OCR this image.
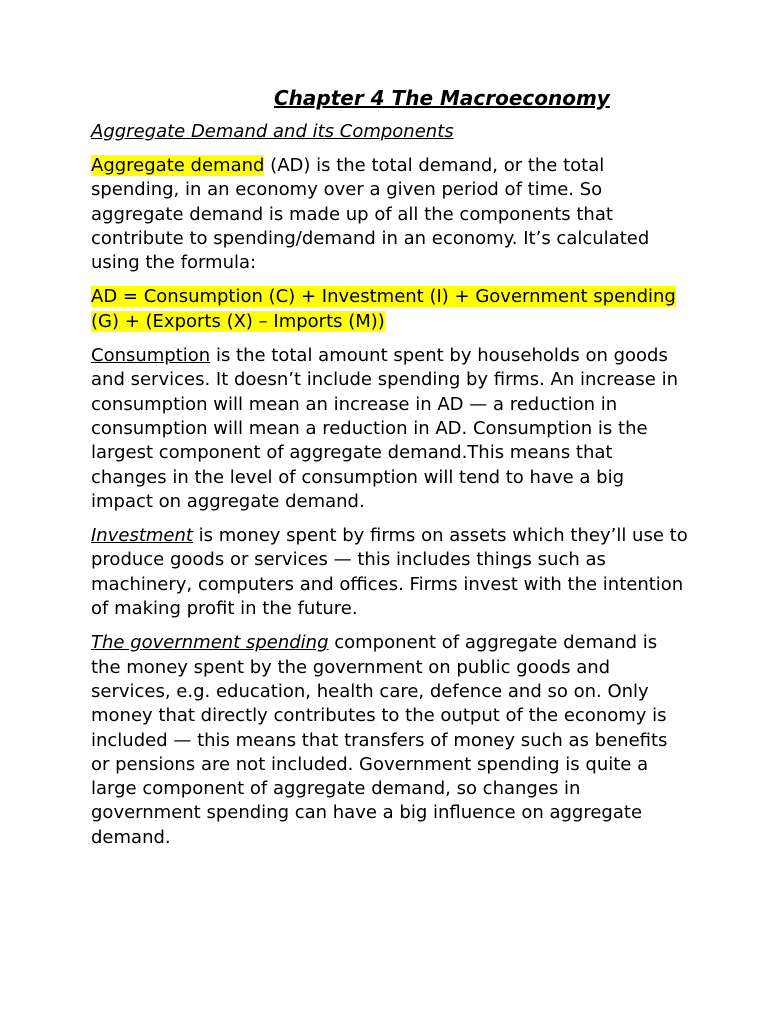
Chapter 4 The Macroeconomy
Aggregate Demand and its Components

Aggregate demand (AD) is the total demand, or the total spending, in an economy over a given period of time. So aggregate demand is made up of all the components that contribute to spending/demand in an economy. It’s calculated using the formula:

AD = Consumption (C) + Investment (I) + Government spending (G) + (Exports (X) – Imports (M))

Consumption is the total amount spent by households on goods and services. It doesn’t include spending by firms. An increase in consumption will mean an increase in AD — a reduction in consumption will mean a reduction in AD. Consumption is the largest component of aggregate demand.This means that changes in the level of consumption will tend to have a big impact on aggregate demand.

Investment is money spent by firms on assets which they’ll use to produce goods or services — this includes things such as machinery, computers and offices. Firms invest with the intention of making profit in the future.

The government spending component of aggregate demand is the money spent by the government on public goods and services, e.g. education, health care, defence and so on. Only money that directly contributes to the output of the economy is included — this means that transfers of money such as benefits or pensions are not included. Government spending is quite a large component of aggregate demand, so changes in government spending can have a big influence on aggregate demand.
